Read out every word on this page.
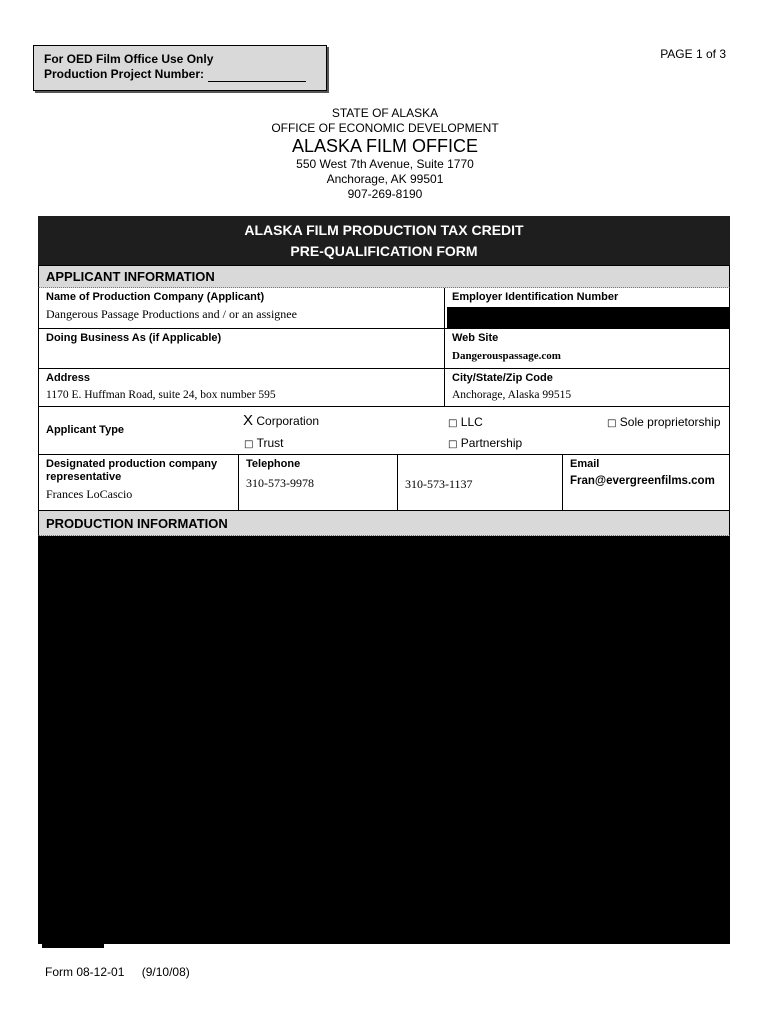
For OED Film Office Use Only
Production Project Number:
PAGE 1 of 3
STATE OF ALASKA
OFFICE OF ECONOMIC DEVELOPMENT
ALASKA FILM OFFICE
550 West 7th Avenue, Suite 1770
Anchorage, AK 99501
907-269-8190
ALASKA FILM PRODUCTION TAX CREDIT
PRE-QUALIFICATION FORM
APPLICANT INFORMATION
Name of Production Company (Applicant)
Dangerous Passage Productions and / or an assignee
Employer Identification Number
Doing Business As (if Applicable)	Web Site
Dangerouspassage.com
Address
1170 E. Huffman Road, suite 24, box number 595
City/State/Zip Code
Anchorage, Alaska 99515
Applicant Type
X Corporation
□ Trust
□ LLC
□ Partnership
□ Sole proprietorship
Designated production company representative
Frances LoCascio
Telephone
310-573-9978	310-573-1137
Email
Fran@evergreenfilms.com
PRODUCTION INFORMATION
Form 08-12-01 (9/10/08)
